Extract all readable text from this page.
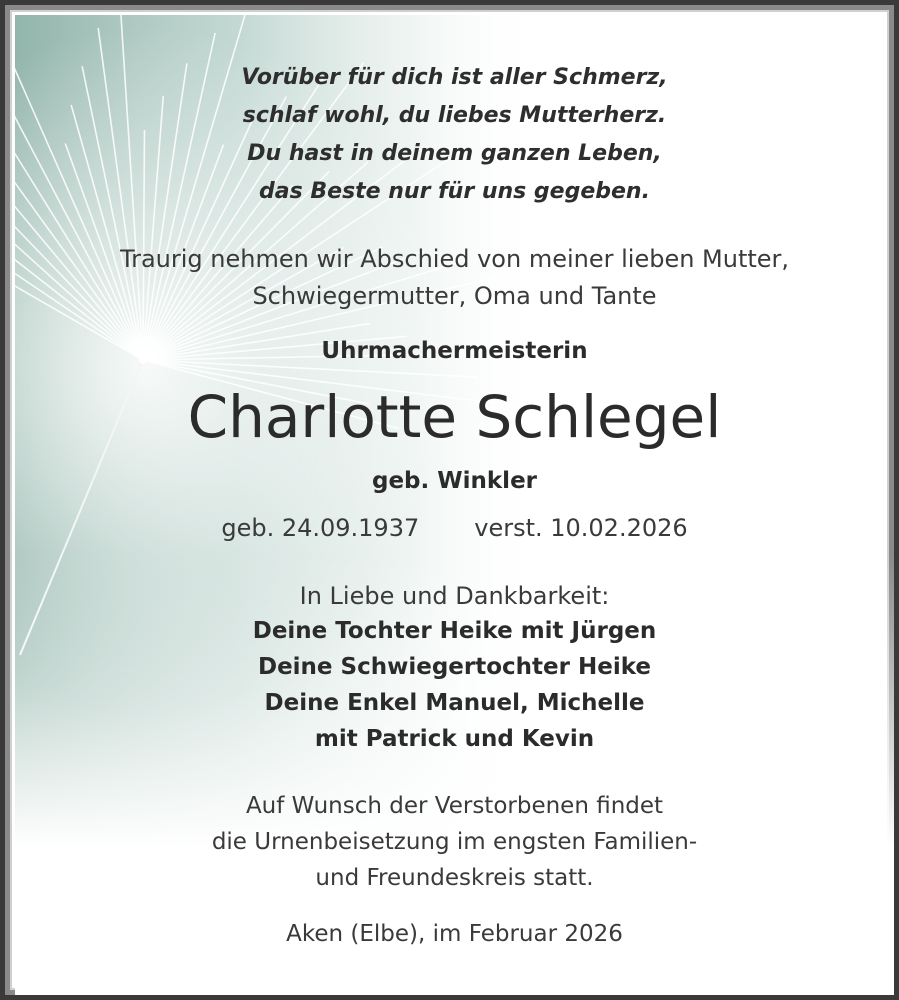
Vorüber für dich ist aller Schmerz,
schlaf wohl, du liebes Mutterherz.
Du hast in deinem ganzen Leben,
das Beste nur für uns gegeben.
Traurig nehmen wir Abschied von meiner lieben Mutter,
Schwiegermutter, Oma und Tante
Uhrmachermeisterin
Charlotte Schlegel
geb. Winkler
geb. 24.09.1937 verst. 10.02.2026
In Liebe und Dankbarkeit:
Deine Tochter Heike mit Jürgen
Deine Schwiegertochter Heike
Deine Enkel Manuel, Michelle
mit Patrick und Kevin
Auf Wunsch der Verstorbenen findet
die Urnenbeisetzung im engsten Familien-
und Freundeskreis statt.
Aken (Elbe), im Februar 2026
